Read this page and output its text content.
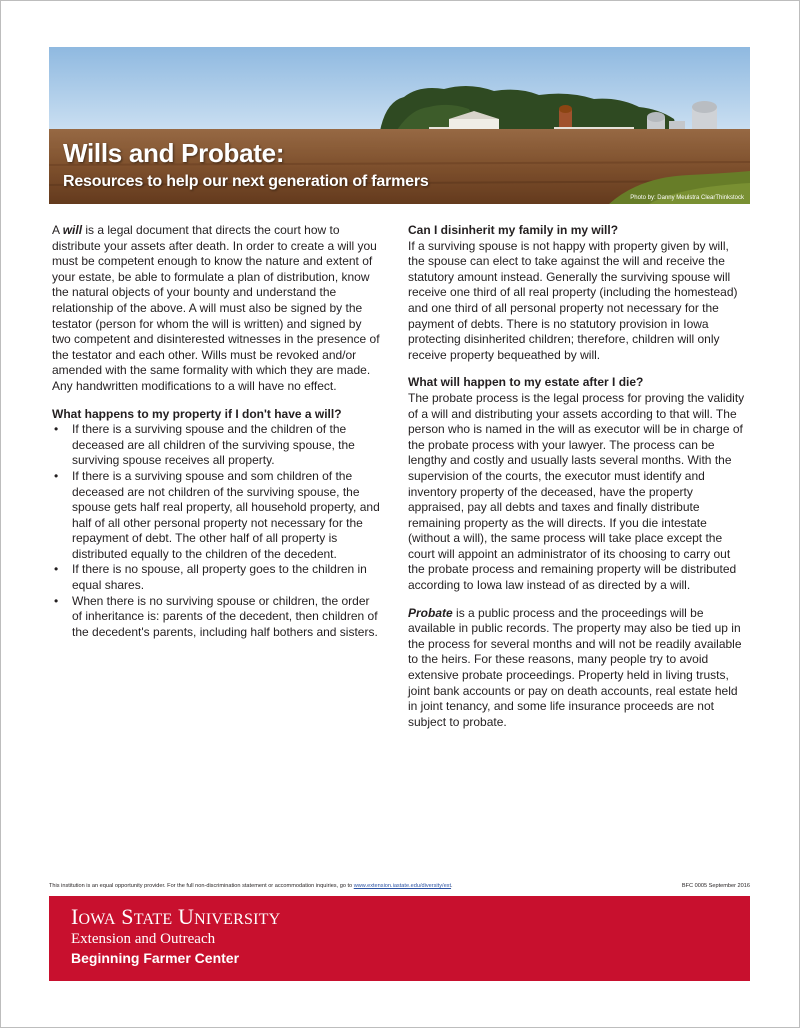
Wills and Probate:
Resources to help our next generation of farmers
Photo by: Danny Meulstra ClearThinkstock

A will is a legal document that directs the court how to distribute your assets after death. In order to create a will you must be competent enough to know the nature and extent of your estate, be able to formulate a plan of distribution, know the natural objects of your bounty and understand the relationship of the above. A will must also be signed by the testator (person for whom the will is written) and signed by two competent and disinterested witnesses in the presence of the testator and each other. Wills must be revoked and/or amended with the same formality with which they are made. Any handwritten modifications to a will have no effect.

What happens to my property if I don't have a will?

• If there is a surviving spouse and the children of the deceased are all children of the surviving spouse, the surviving spouse receives all property.
• If there is a surviving spouse and som children of the deceased are not children of the surviving spouse, the spouse gets half real property, all household property, and half of all other personal property not necessary for the repayment of debt. The other half of all property is distributed equally to the children of the decedent.
• If there is no spouse, all property goes to the children in equal shares.
• When there is no surviving spouse or children, the order of inheritance is: parents of the decedent, then children of the decedent's parents, including half bothers and sisters.

Can I disinherit my family in my will?

If a surviving spouse is not happy with property given by will, the spouse can elect to take against the will and receive the statutory amount instead. Generally the surviving spouse will receive one third of all real property (including the homestead) and one third of all personal property not necessary for the payment of debts. There is no statutory provision in Iowa protecting disinherited children; therefore, children will only receive property bequeathed by will.

What will happen to my estate after I die?

The probate process is the legal process for proving the validity of a will and distributing your assets according to that will. The person who is named in the will as executor will be in charge of the probate process with your lawyer. The process can be lengthy and costly and usually lasts several months. With the supervision of the courts, the executor must identify and inventory property of the deceased, have the property appraised, pay all debts and taxes and finally distribute remaining property as the will directs. If you die intestate (without a will), the same process will take place except the court will appoint an administrator of its choosing to carry out the probate process and remaining property will be distributed according to Iowa law instead of as directed by a will.

Probate is a public process and the proceedings will be available in public records. The property may also be tied up in the process for several months and will not be readily available to the heirs. For these reasons, many people try to avoid extensive probate proceedings. Property held in living trusts, joint bank accounts or pay on death accounts, real estate held in joint tenancy, and some life insurance proceeds are not subject to probate.

This institution is an equal opportunity provider. For the full non-discrimination statement or accommodation inquiries, go to www.extension.iastate.edu/diversity/ext.	BFC 0005 September 2016
IOWA STATE UNIVERSITY
Extension and Outreach
Beginning Farmer Center
